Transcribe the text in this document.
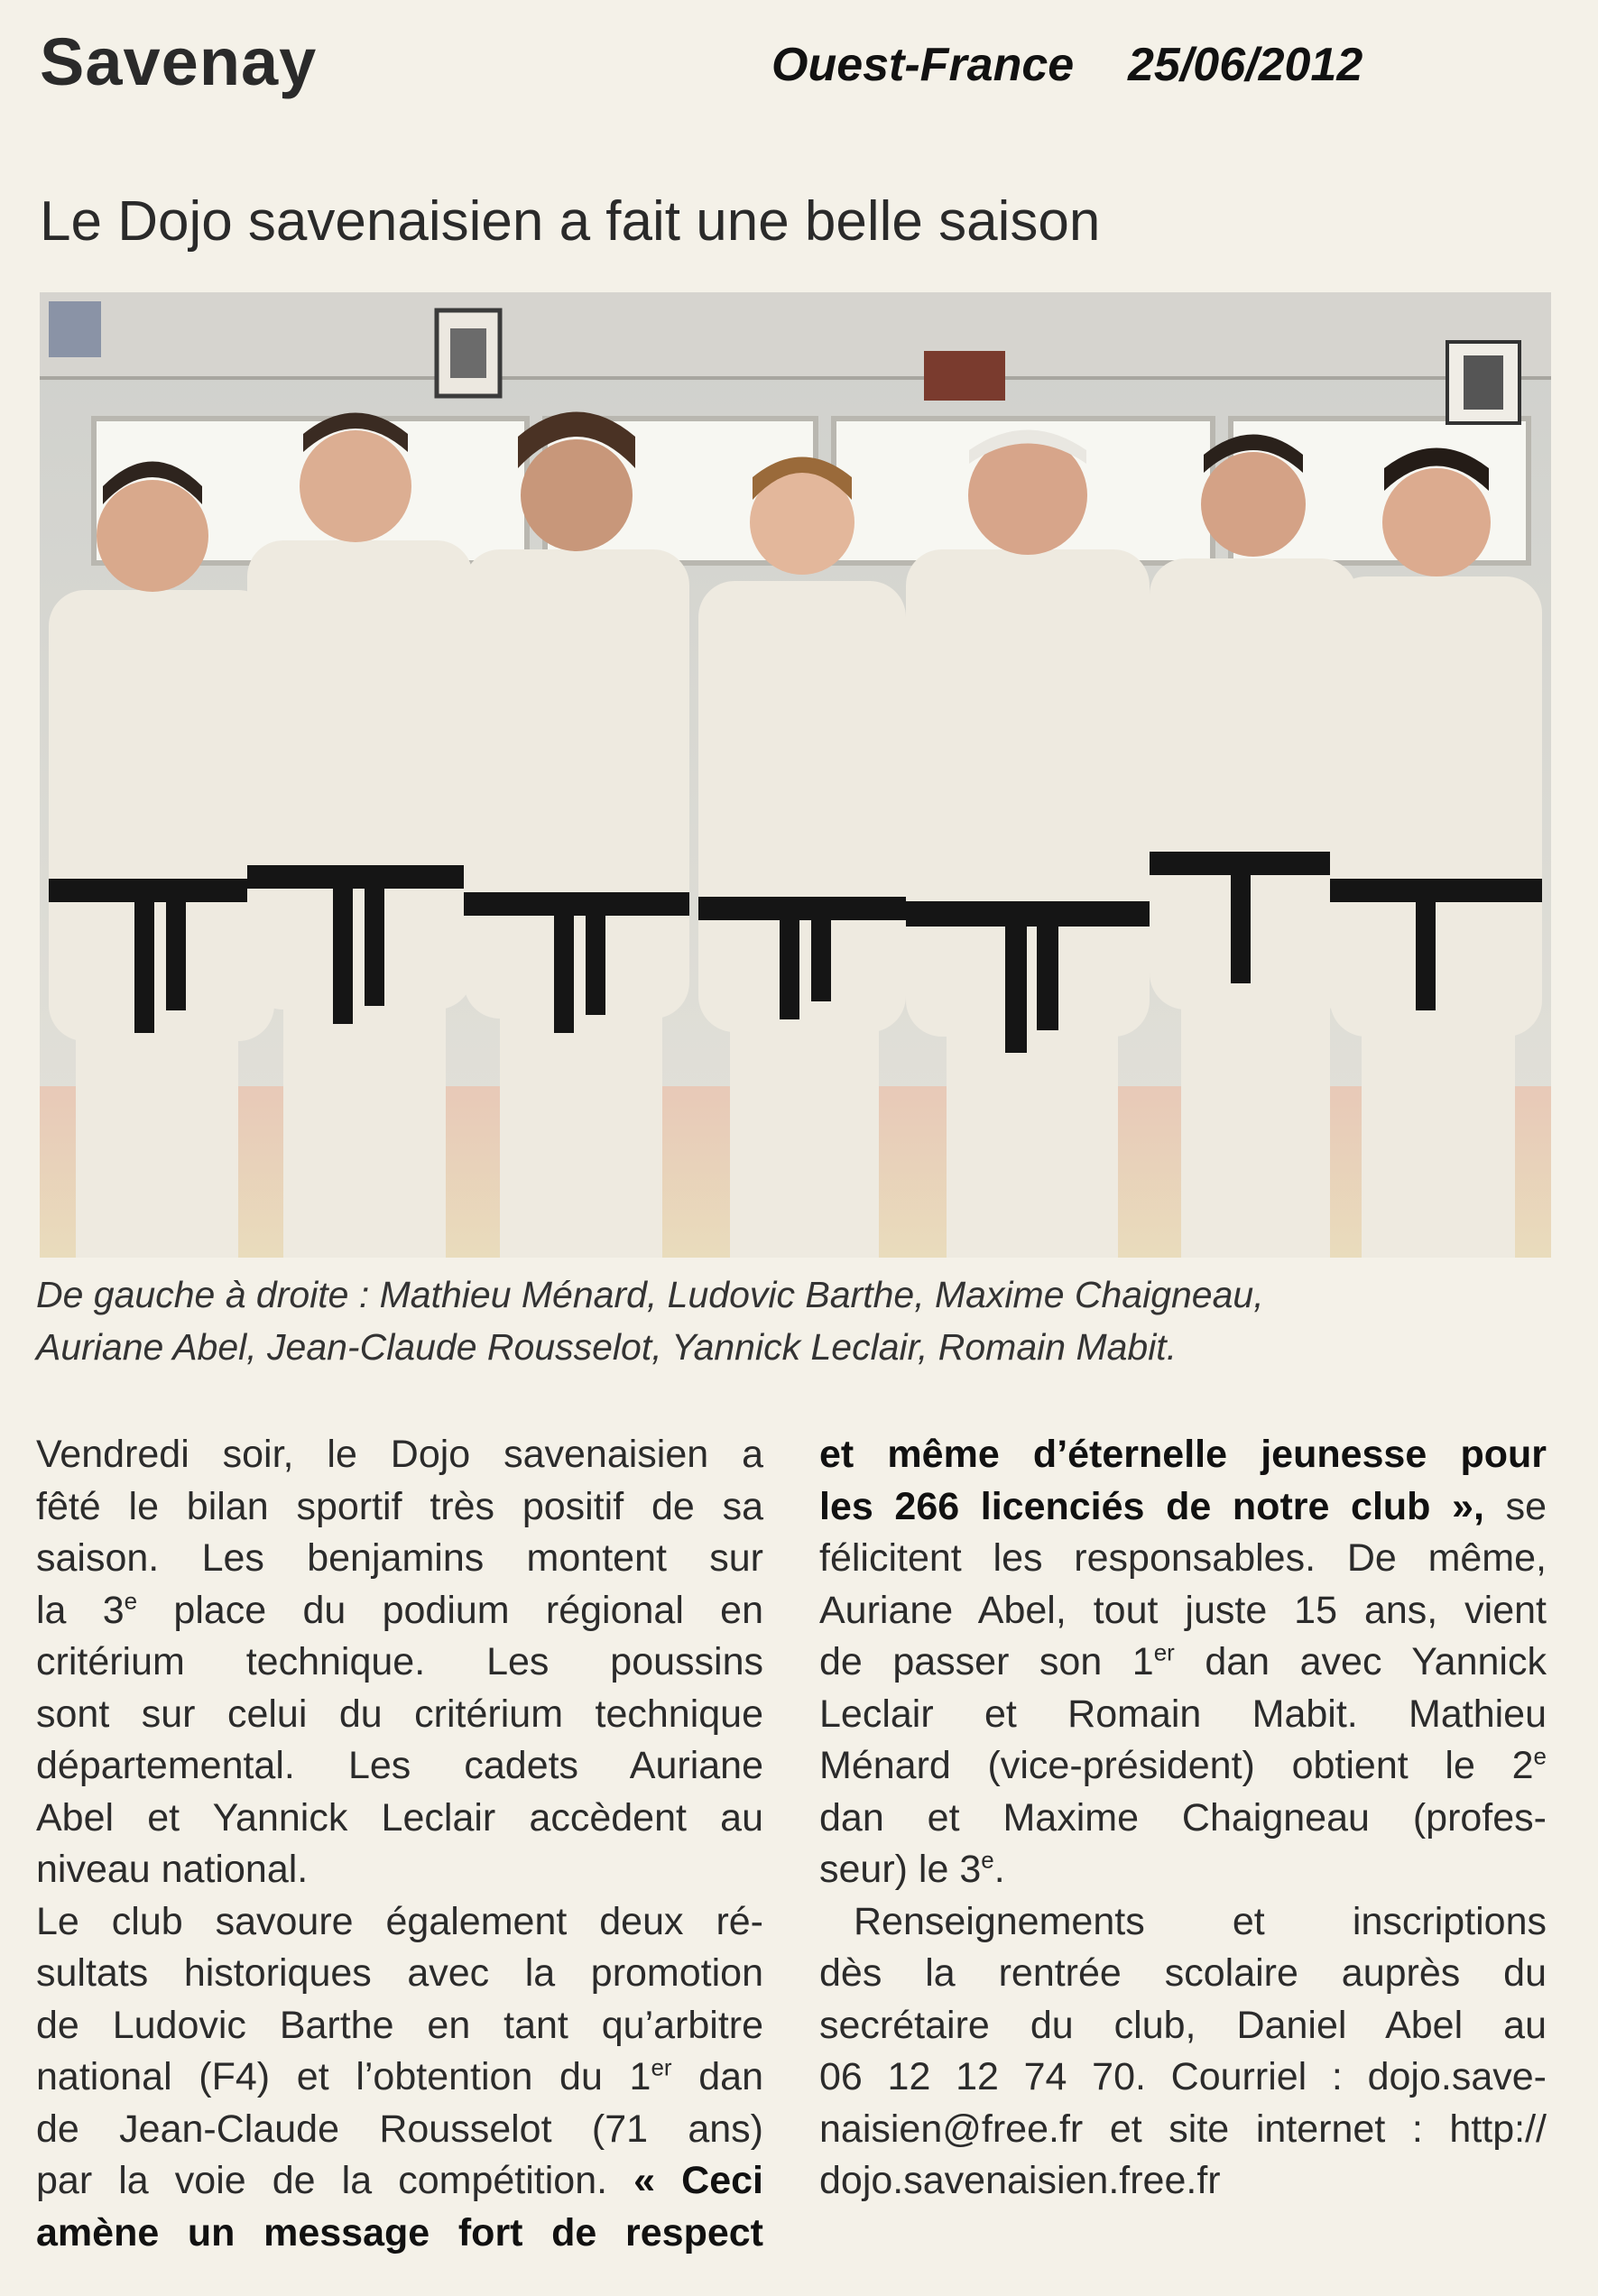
Savenay	Ouest-France 25/06/2012
Le Dojo savenaisien a fait une belle saison

De gauche à droite : Mathieu Ménard, Ludovic Barthe, Maxime Chaigneau,

Auriane Abel, Jean-Claude Rousselot, Yannick Leclair, Romain Mabit.

Vendredi soir, le Dojo savenaisien a

fêté le bilan sportif très positif de sa

saison. Les benjamins montent sur

la 3e place du podium régional en

critérium technique. Les poussins

sont sur celui du critérium technique

départemental. Les cadets Auriane

Abel et Yannick Leclair accèdent au

niveau national.

Le club savoure également deux ré-

sultats historiques avec la promotion

de Ludovic Barthe en tant qu’arbitre

national (F4) et l’obtention du 1er dan

de Jean-Claude Rousselot (71 ans)

par la voie de la compétition. « Ceci

amène un message fort de respect

et même d’éternelle jeunesse pour

les 266 licenciés de notre club », se

félicitent les responsables. De même,

Auriane Abel, tout juste 15 ans, vient

de passer son 1er dan avec Yannick

Leclair et Romain Mabit. Mathieu

Ménard (vice-président) obtient le 2e

dan et Maxime Chaigneau (profes-

seur) le 3e.

Renseignements et inscriptions

dès la rentrée scolaire auprès du

secrétaire du club, Daniel Abel au

06 12 12 74 70. Courriel : dojo.save-

naisien@free.fr et site internet : http://

dojo.savenaisien.free.fr
